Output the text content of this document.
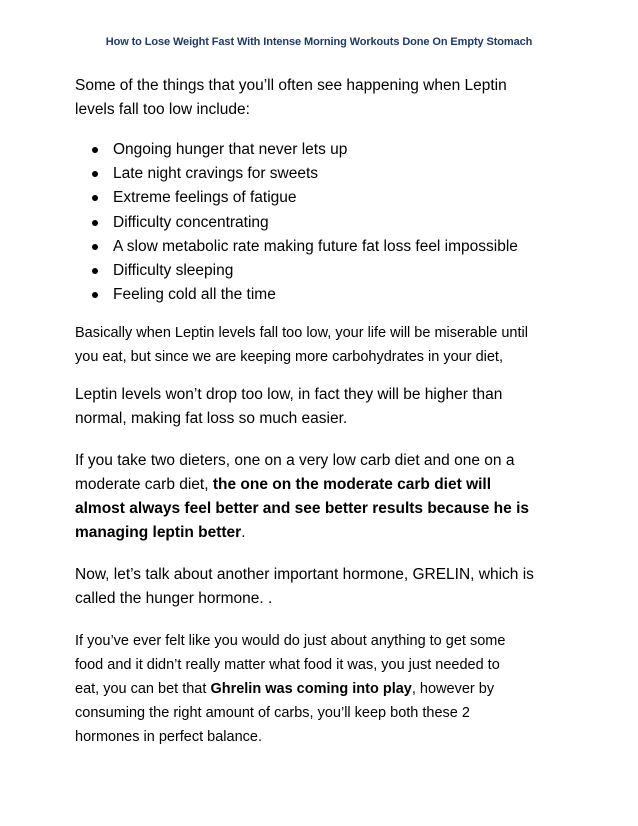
How to Lose Weight Fast With Intense Morning Workouts Done On Empty Stomach

Some of the things that you’ll often see happening when Leptin
levels fall too low include:

Ongoing hunger that never lets up
Late night cravings for sweets
Extreme feelings of fatigue
Difficulty concentrating
A slow metabolic rate making future fat loss feel impossible
Difficulty sleeping
Feeling cold all the time

Basically when Leptin levels fall too low, your life will be miserable until
you eat, but since we are keeping more carbohydrates in your diet,

Leptin levels won’t drop too low, in fact they will be higher than
normal, making fat loss so much easier.

If you take two dieters, one on a very low carb diet and one on a
moderate carb diet, the one on the moderate carb diet will
almost always feel better and see better results because he is
managing leptin better.

Now, let’s talk about another important hormone, GRELIN, which is
called the hunger hormone. .

If you’ve ever felt like you would do just about anything to get some
food and it didn’t really matter what food it was, you just needed to
eat, you can bet that Ghrelin was coming into play, however by
consuming the right amount of carbs, you’ll keep both these 2
hormones in perfect balance.
